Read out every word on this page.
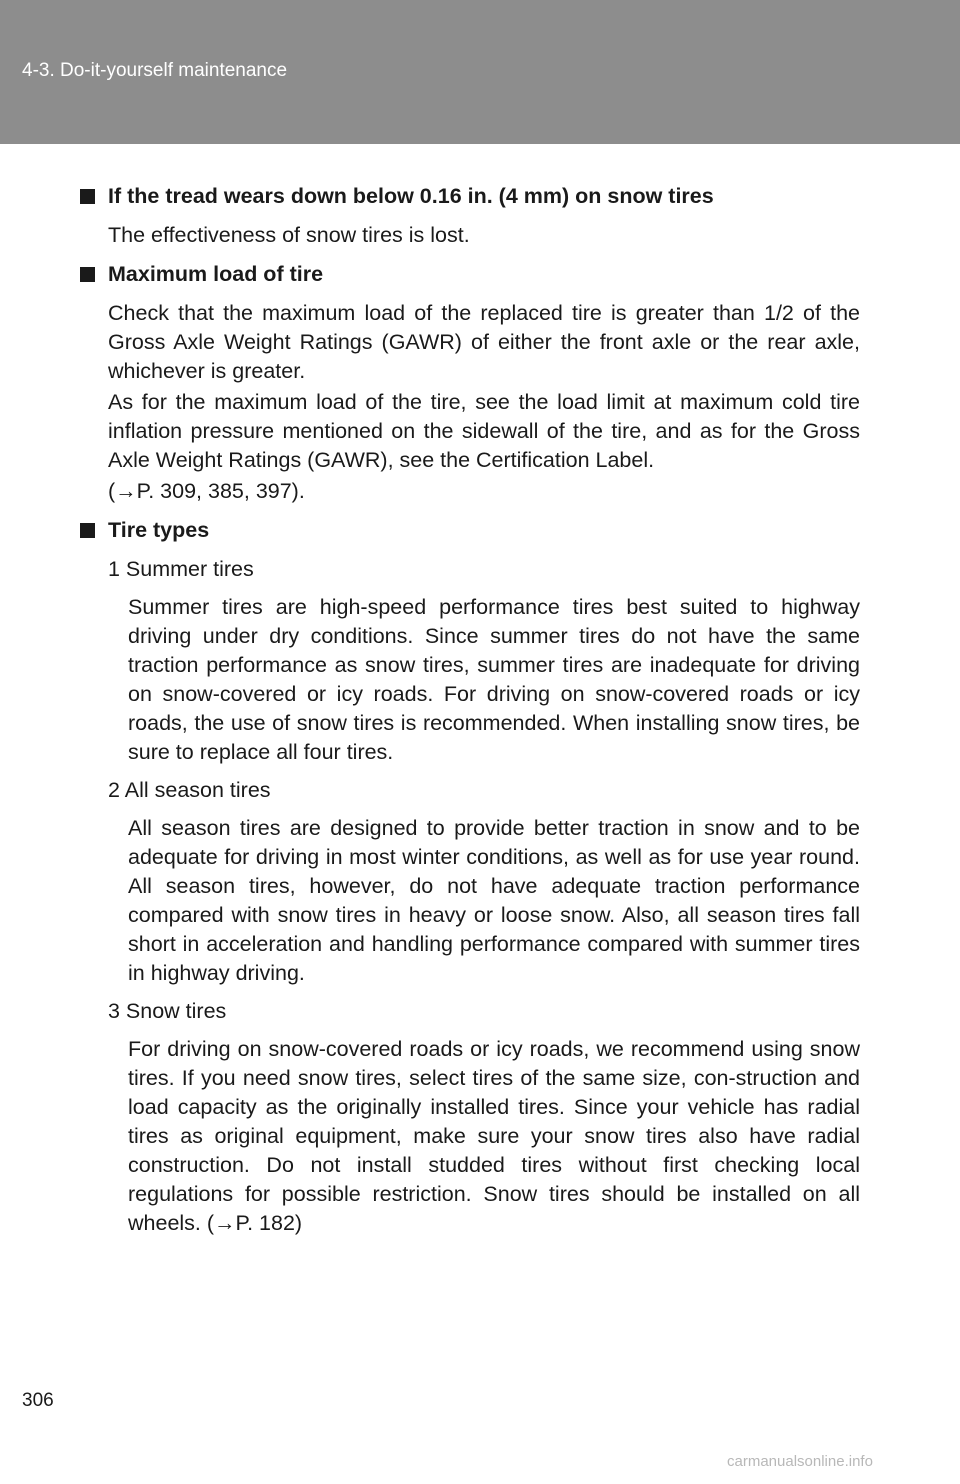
4-3. Do-it-yourself maintenance
If the tread wears down below 0.16 in. (4 mm) on snow tires
The effectiveness of snow tires is lost.
Maximum load of tire
Check that the maximum load of the replaced tire is greater than 1/2 of the Gross Axle Weight Ratings (GAWR) of either the front axle or the rear axle, whichever is greater.
As for the maximum load of the tire, see the load limit at maximum cold tire inflation pressure mentioned on the sidewall of the tire, and as for the Gross Axle Weight Ratings (GAWR), see the Certification Label.
(→P. 309, 385, 397).
Tire types
1 Summer tires
Summer tires are high-speed performance tires best suited to highway driving under dry conditions. Since summer tires do not have the same traction performance as snow tires, summer tires are inadequate for driving on snow-covered or icy roads. For driving on snow-covered roads or icy roads, the use of snow tires is recommended. When installing snow tires, be sure to replace all four tires.
2 All season tires
All season tires are designed to provide better traction in snow and to be adequate for driving in most winter conditions, as well as for use year round. All season tires, however, do not have adequate traction performance compared with snow tires in heavy or loose snow. Also, all season tires fall short in acceleration and handling performance compared with summer tires in highway driving.
3 Snow tires
For driving on snow-covered roads or icy roads, we recommend using snow tires. If you need snow tires, select tires of the same size, con-struction and load capacity as the originally installed tires. Since your vehicle has radial tires as original equipment, make sure your snow tires also have radial construction. Do not install studded tires without first checking local regulations for possible restriction. Snow tires should be installed on all wheels. (→P. 182)
306
carmanualsonline.info
